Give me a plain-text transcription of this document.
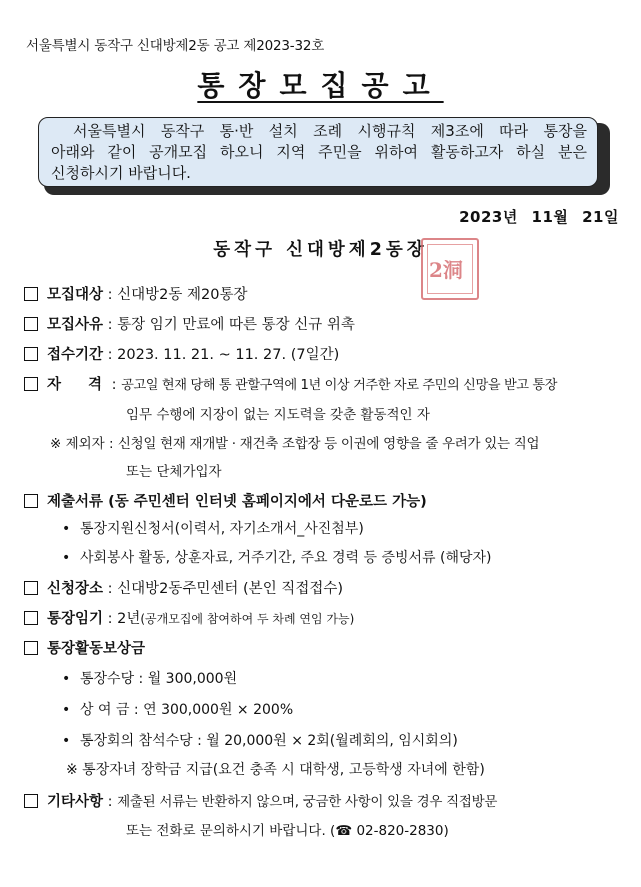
서울특별시 동작구 신대방제2동 공고 제2023-32호
통장모집공고
서울특별시 동작구 통·반 설치 조례 시행규칙 제3조에 따라 통장을
아래와 같이 공개모집 하오니 지역 주민을 위하여 활동하고자 하실 분은
신청하시기 바랍니다.
2023년 11월 21일
동작구 신대방제2동장
2洞
모집대상 : 신대방2동 제20통장
모집사유 : 통장 임기 만료에 따른 통장 신규 위촉
접수기간 : 2023. 11. 21. ~ 11. 27. (7일간)
자 격 : 공고일 현재 당해 통 관할구역에 1년 이상 거주한 자로 주민의 신망을 받고 통장
임무 수행에 지장이 없는 지도력을 갖춘 활동적인 자
※ 제외자 : 신청일 현재 재개발 · 재건축 조합장 등 이권에 영향을 줄 우려가 있는 직업
또는 단체가입자
제출서류 (동 주민센터 인터넷 홈페이지에서 다운로드 가능)
• 통장지원신청서(이력서, 자기소개서_사진첨부)
• 사회봉사 활동, 상훈자료, 거주기간, 주요 경력 등 증빙서류 (해당자)
신청장소 : 신대방2동주민센터 (본인 직접접수)
통장임기 : 2년(공개모집에 참여하여 두 차례 연임 가능)
통장활동보상금
• 통장수당 : 월 300,000원
• 상 여 금 : 연 300,000원 × 200%
• 통장회의 참석수당 : 월 20,000원 × 2회(월례회의, 임시회의)
※ 통장자녀 장학금 지급(요건 충족 시 대학생, 고등학생 자녀에 한함)
기타사항 : 제출된 서류는 반환하지 않으며, 궁금한 사항이 있을 경우 직접방문
또는 전화로 문의하시기 바랍니다. (☎ 02-820-2830)
